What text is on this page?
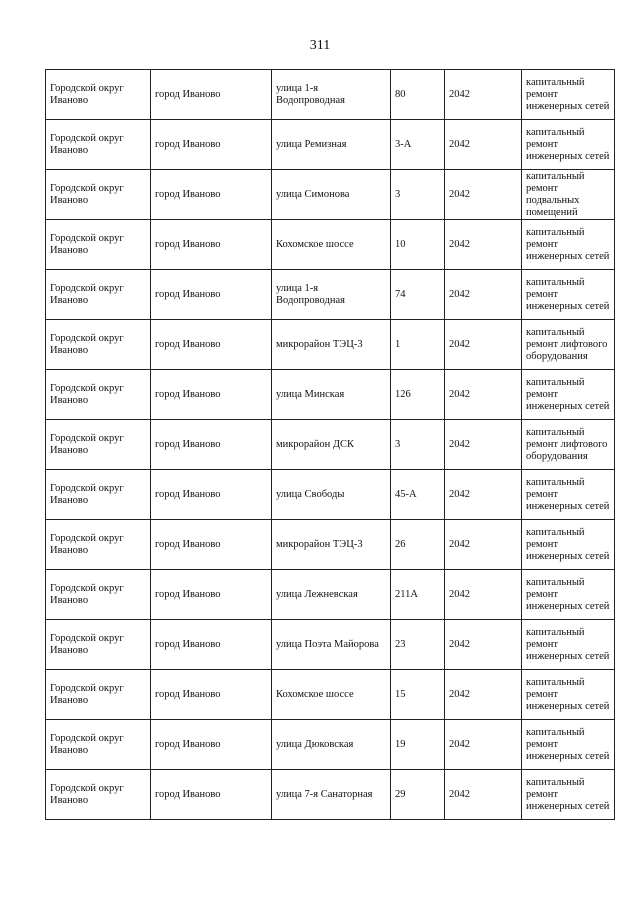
311
Городской округ Иваново	город Иваново	улица 1-я Водопроводная	80	2042	капитальный ремонт инженерных сетей
Городской округ Иваново	город Иваново	улица Ремизная	3-А	2042	капитальный ремонт инженерных сетей
Городской округ Иваново	город Иваново	улица Симонова	3	2042	капитальный ремонт подвальных помещений
Городской округ Иваново	город Иваново	Кохомское шоссе	10	2042	капитальный ремонт инженерных сетей
Городской округ Иваново	город Иваново	улица 1-я Водопроводная	74	2042	капитальный ремонт инженерных сетей
Городской округ Иваново	город Иваново	микрорайон ТЭЦ-3	1	2042	капитальный ремонт лифтового оборудования
Городской округ Иваново	город Иваново	улица Минская	126	2042	капитальный ремонт инженерных сетей
Городской округ Иваново	город Иваново	микрорайон ДСК	3	2042	капитальный ремонт лифтового оборудования
Городской округ Иваново	город Иваново	улица Свободы	45-А	2042	капитальный ремонт инженерных сетей
Городской округ Иваново	город Иваново	микрорайон ТЭЦ-3	26	2042	капитальный ремонт инженерных сетей
Городской округ Иваново	город Иваново	улица Лежневская	211А	2042	капитальный ремонт инженерных сетей
Городской округ Иваново	город Иваново	улица Поэта Майорова	23	2042	капитальный ремонт инженерных сетей
Городской округ Иваново	город Иваново	Кохомское шоссе	15	2042	капитальный ремонт инженерных сетей
Городской округ Иваново	город Иваново	улица Дюковская	19	2042	капитальный ремонт инженерных сетей
Городской округ Иваново	город Иваново	улица 7-я Санаторная	29	2042	капитальный ремонт инженерных сетей
